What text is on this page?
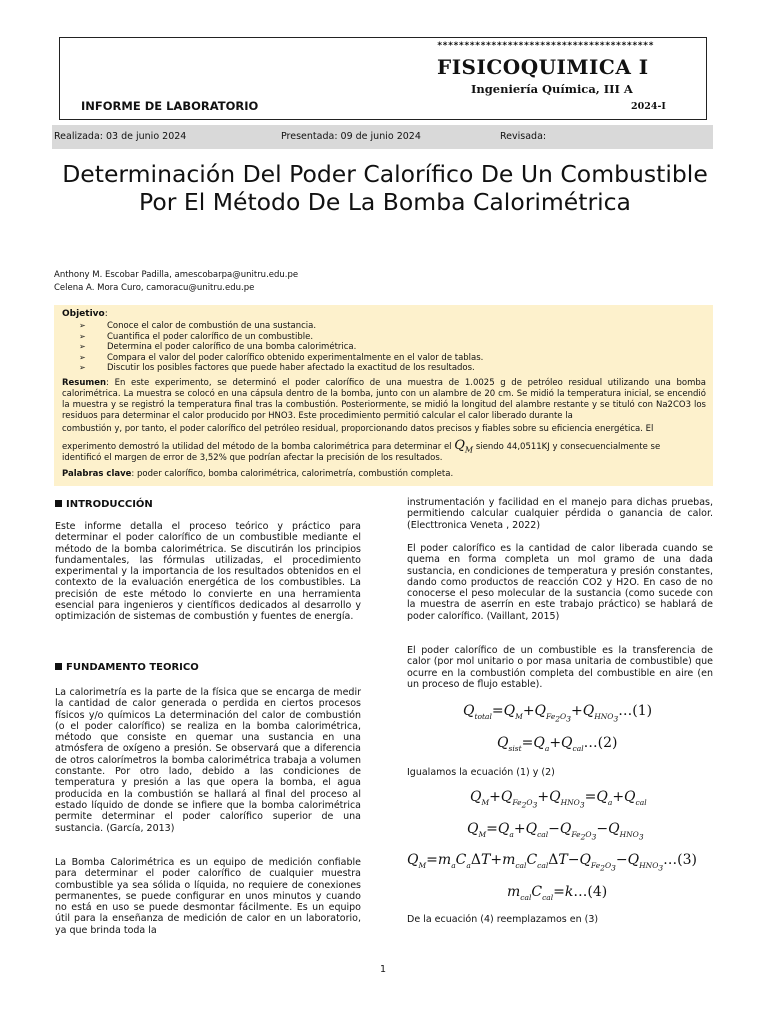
INFORME DE LABORATORIO
****************************************
FISICOQUIMICA I
Ingeniería Química, III A
2024-I
Realizada: 03 de junio 2024	Presentada: 09 de junio 2024	Revisada:
Determinación Del Poder Calorífico De Un Combustible Por El Método De La Bomba Calorimétrica
Anthony M. Escobar Padilla, amescobarpa@unitru.edu.pe
Celena A. Mora Curo, camoracu@unitru.edu.pe
Objetivo:
➢	Conoce el calor de combustión de una sustancia.
➢	Cuantifica el poder calorífico de un combustible.
➢	Determina el poder calorífico de una bomba calorimétrica.
➢	Compara el valor del poder calorífico obtenido experimentalmente en el valor de tablas.
➢	Discutir los posibles factores que puede haber afectado la exactitud de los resultados.

Resumen: En este experimento, se determinó el poder calorífico de una muestra de 1.0025 g de petróleo residual utilizando una bomba calorimétrica. La muestra se colocó en una cápsula dentro de la bomba, junto con un alambre de 20 cm. Se midió la temperatura inicial, se encendió la muestra y se registró la temperatura final tras la combustión. Posteriormente, se midió la longitud del alambre restante y se tituló con Na2CO3 los residuos para determinar el calor producido por HNO3. Este procedimiento permitió calcular el calor liberado durante la

combustión y, por tanto, el poder calorífico del petróleo residual, proporcionando datos precisos y fiables sobre su eficiencia energética. El
experimento demostró la utilidad del método de la bomba calorimétrica para determinar el $Q_M$ siendo 44,0511KJ y consecuencialmente se
identificó el margen de error de 3,52% que podrían afectar la precisión de los resultados.
Palabras clave: poder calorífico, bomba calorimétrica, calorimetría, combustión completa.
INTRODUCCIÓN

Este informe detalla el proceso teórico y práctico para determinar el poder calorífico de un combustible mediante el método de la bomba calorimétrica. Se discutirán los principios fundamentales, las fórmulas utilizadas, el procedimiento experimental y la importancia de los resultados obtenidos en el contexto de la evaluación energética de los combustibles. La precisión de este método lo convierte en una herramienta esencial para ingenieros y científicos dedicados al desarrollo y optimización de sistemas de combustión y fuentes de energía.

FUNDAMENTO TEORICO

La calorimetría es la parte de la física que se encarga de medir la cantidad de calor generada o perdida en ciertos procesos físicos y/o químicos La determinación del calor de combustión (o el poder calorífico) se realiza en la bomba calorimétrica, método que consiste en quemar una sustancia en una atmósfera de oxígeno a presión. Se observará que a diferencia de otros calorímetros la bomba calorimétrica trabaja a volumen constante. Por otro lado, debido a las condiciones de temperatura y presión a las que opera la bomba, el agua producida en la combustión se hallará al final del proceso al estado líquido de donde se infiere que la bomba calorimétrica permite determinar el poder calorífico superior de una sustancia. (García, 2013)

La Bomba Calorimétrica es un equipo de medición confiable para determinar el poder calorífico de cualquier muestra combustible ya sea sólida o líquida, no requiere de conexiones permanentes, se puede configurar en unos minutos y cuando no está en uso se puede desmontar fácilmente. Es un equipo útil para la enseñanza de medición de calor en un laboratorio, ya que brinda toda la

instrumentación y facilidad en el manejo para dichas pruebas, permitiendo calcular cualquier pérdida o ganancia de calor. (Electtronica Veneta , 2022)

El poder calorífico es la cantidad de calor liberada cuando se quema en forma completa un mol gramo de una dada sustancia, en condiciones de temperatura y presión constantes, dando como productos de reacción CO2 y H2O. En caso de no conocerse el peso molecular de la sustancia (como sucede con la muestra de aserrín en este trabajo práctico) se hablará de poder calorífico. (Vaillant, 2015)

El poder calorífico de un combustible es la transferencia de calor (por mol unitario o por masa unitaria de combustible) que ocurre en la combustión completa del combustible en aire (en un proceso de flujo estable).

$Q_{total}=Q_M+Q_{Fe_2O_3}+Q_{HNO_3}\dots(1)$
$Q_{sist}=Q_a+Q_{cal}\dots(2)$
Igualamos la ecuación (1) y (2)
$Q_M+Q_{Fe_2O_3}+Q_{HNO_3}=Q_a+Q_{cal}$
$Q_M=Q_a+Q_{cal}-Q_{Fe_2O_3}-Q_{HNO_3}$
$Q_M=m_aC_a\Delta T+m_{cal}C_{cal}\Delta T-Q_{Fe_2O_3}-Q_{HNO_3}\dots(3)$
$m_{cal}C_{cal}=k\dots(4)$
De la ecuación (4) reemplazamos en (3)
1
